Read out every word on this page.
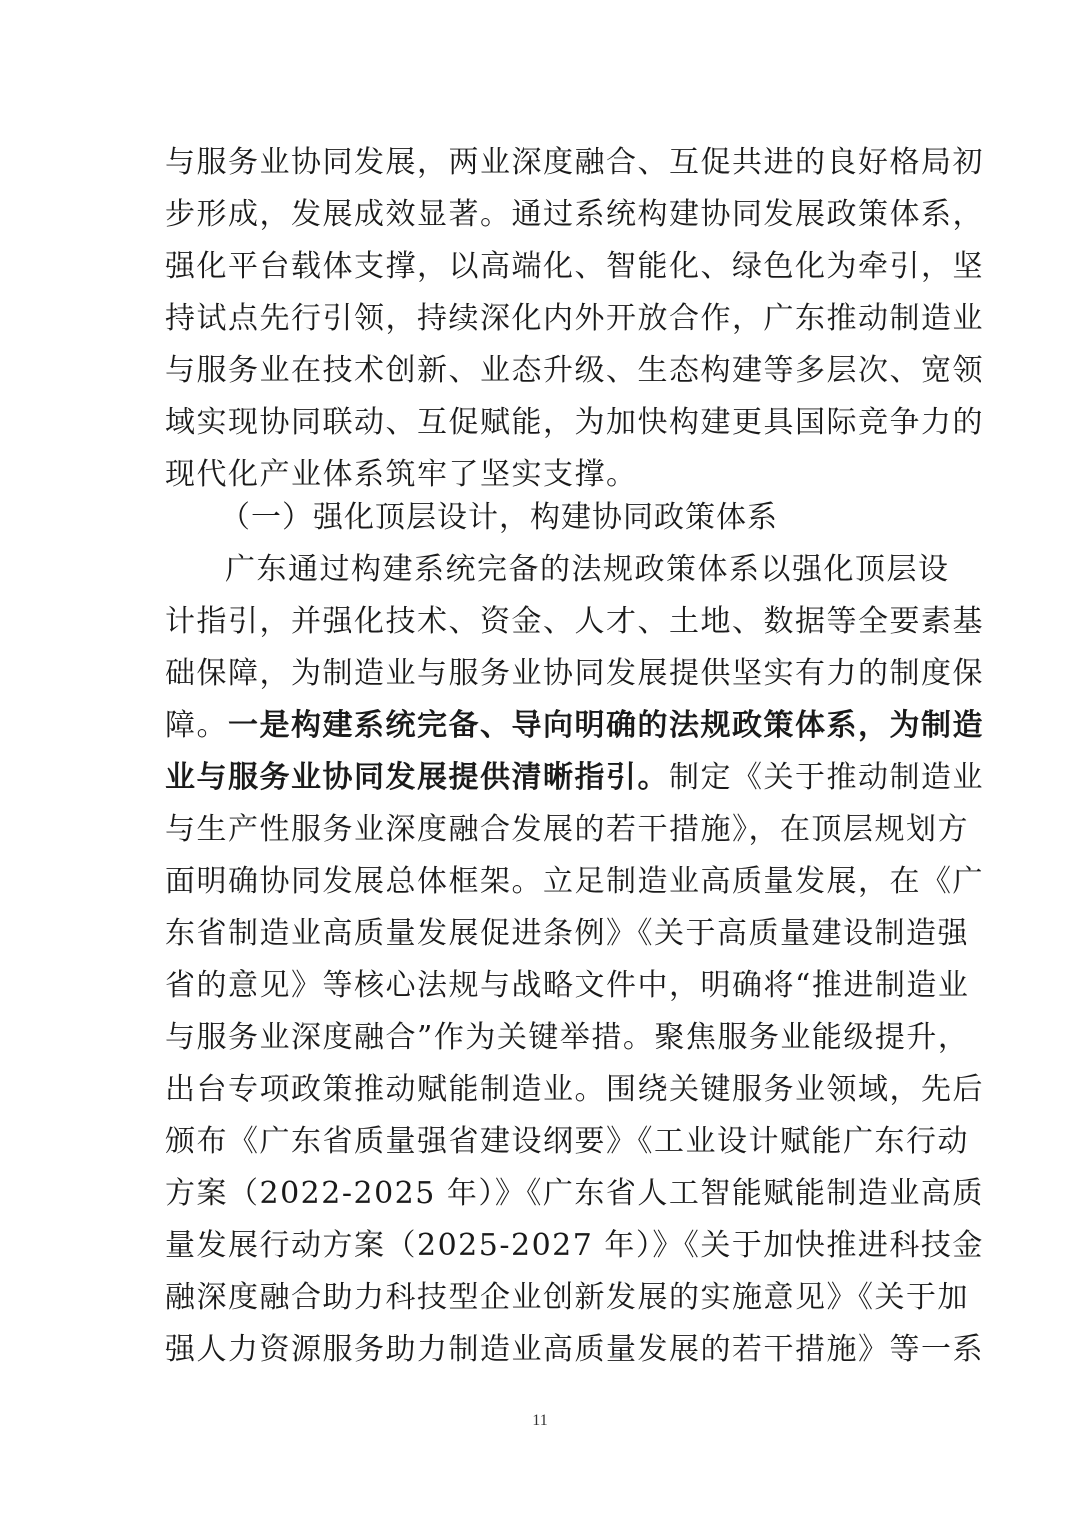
与服务业协同发展，两业深度融合、互促共进的良好格局初
步形成，发展成效显著。通过系统构建协同发展政策体系，
强化平台载体支撑，以高端化、智能化、绿色化为牵引，坚
持试点先行引领，持续深化内外开放合作，广东推动制造业
与服务业在技术创新、业态升级、生态构建等多层次、宽领
域实现协同联动、互促赋能，为加快构建更具国际竞争力的
现代化产业体系筑牢了坚实支撑。
（一）强化顶层设计，构建协同政策体系
广东通过构建系统完备的法规政策体系以强化顶层设
计指引，并强化技术、资金、人才、土地、数据等全要素基
础保障，为制造业与服务业协同发展提供坚实有力的制度保
障。一是构建系统完备、导向明确的法规政策体系，为制造
业与服务业协同发展提供清晰指引。制定《关于推动制造业
与生产性服务业深度融合发展的若干措施》，在顶层规划方
面明确协同发展总体框架。立足制造业高质量发展，在《广
东省制造业高质量发展促进条例》《关于高质量建设制造强
省的意见》等核心法规与战略文件中，明确将“推进制造业
与服务业深度融合”作为关键举措。聚焦服务业能级提升，
出台专项政策推动赋能制造业。围绕关键服务业领域，先后
颁布《广东省质量强省建设纲要》《工业设计赋能广东行动
方案（2022-2025 年）》《广东省人工智能赋能制造业高质
量发展行动方案（2025-2027 年）》《关于加快推进科技金
融深度融合助力科技型企业创新发展的实施意见》《关于加
强人力资源服务助力制造业高质量发展的若干措施》等一系
11
